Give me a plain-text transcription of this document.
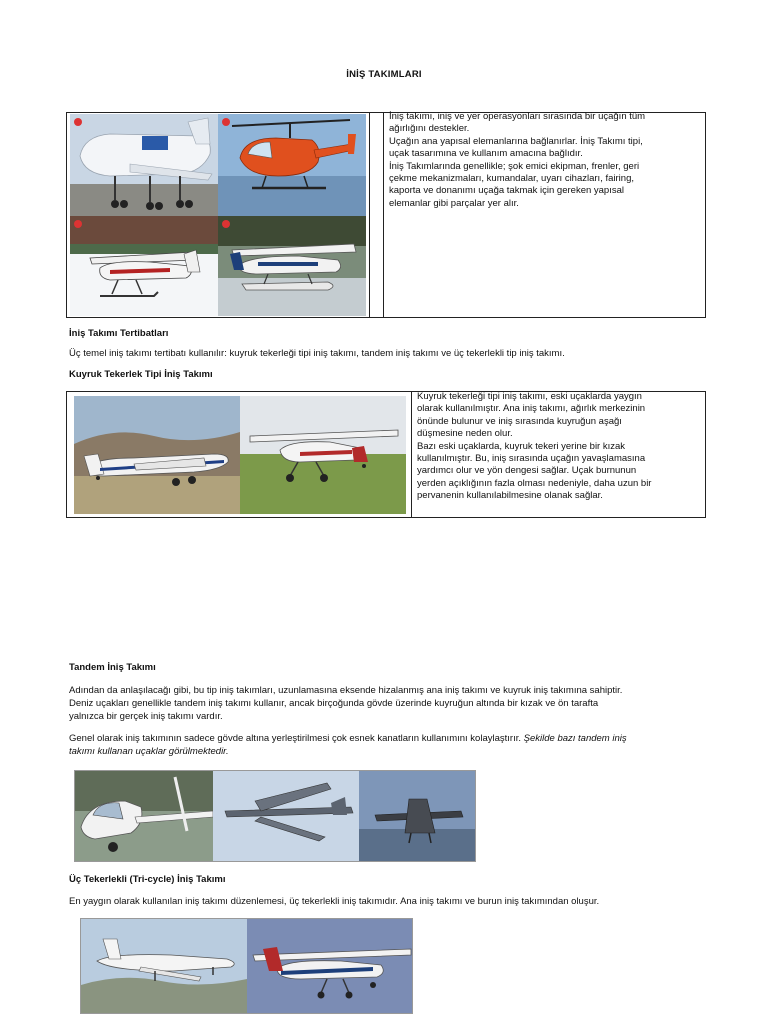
İNİŞ TAKIMLARI
İniş takımı, iniş ve yer operasyonları sırasında bir uçağın tüm
ağırlığını destekler.
Uçağın ana yapısal elemanlarına bağlanırlar. İniş Takımı tipi,
uçak tasarımına ve kullanım amacına bağlıdır.
İniş Takımlarında genellikle; şok emici ekipman, frenler, geri
çekme mekanizmaları, kumandalar, uyarı cihazları, fairing,
kaporta ve donanımı uçağa takmak için gereken yapısal
elemanlar gibi parçalar yer alır.
İniş Takımı Tertibatları
Üç temel iniş takımı tertibatı kullanılır: kuyruk tekerleği tipi iniş takımı, tandem iniş takımı ve üç tekerlekli tip iniş takımı.
Kuyruk Tekerlek Tipi İniş Takımı
Kuyruk tekerleği tipi iniş takımı, eski uçaklarda yaygın
olarak kullanılmıştır. Ana iniş takımı, ağırlık merkezinin
önünde bulunur ve iniş sırasında kuyruğun aşağı
düşmesine neden olur.
Bazı eski uçaklarda, kuyruk tekeri yerine bir kızak
kullanılmıştır. Bu, iniş sırasında uçağın yavaşlamasına
yardımcı olur ve yön dengesi sağlar. Uçak burnunun
yerden açıklığının fazla olması nedeniyle, daha uzun bir
pervanenin kullanılabilmesine olanak sağlar.
Tandem İniş Takımı
Adından da anlaşılacağı gibi, bu tip iniş takımları, uzunlamasına eksende hizalanmış ana iniş takımı ve kuyruk iniş takımına sahiptir.
Deniz uçakları genellikle tandem iniş takımı kullanır, ancak birçoğunda gövde üzerinde kuyruğun altında bir kızak ve ön tarafta
yalnızca bir gerçek iniş takımı vardır.
Genel olarak iniş takımının sadece gövde altına yerleştirilmesi çok esnek kanatların kullanımını kolaylaştırır. Şekilde bazı tandem iniş
takımı kullanan uçaklar görülmektedir.
Üç Tekerlekli (Tri-cycle) İniş Takımı
En yaygın olarak kullanılan iniş takımı düzenlemesi, üç tekerlekli iniş takımıdır. Ana iniş takımı ve burun iniş takımından oluşur.
